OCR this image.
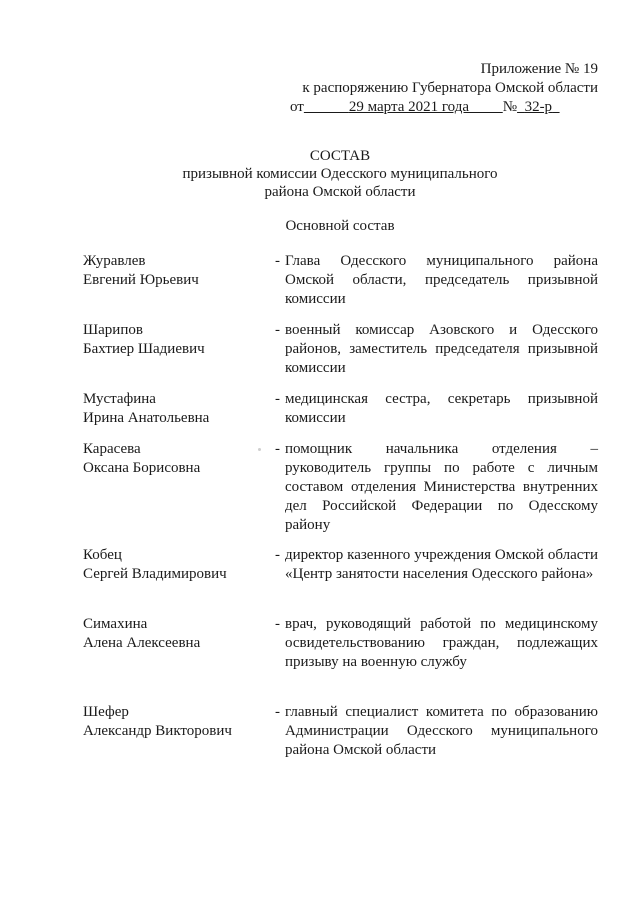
Приложение № 19
к распоряжению Губернатора Омской области
от	29 марта 2021 года № 32-р
СОСТАВ
призывной комиссии Одесского муниципального
района Омской области
Основной состав
Журавлев
Евгений Юрьевич
- Глава Одесского муниципального района Омской области, председатель призывной комиссии
Шарипов
Бахтиер Шадиевич
- военный комиссар Азовского и Одесского районов, заместитель председателя призывной комиссии
Мустафина
Ирина Анатольевна
- медицинская сестра, секретарь призывной комиссии
Карасева
Оксана Борисовна
- помощник начальника отделения – руководитель группы по работе с личным составом отделения Министерства внутренних дел Российской Федерации по Одесскому району
Кобец
Сергей Владимирович
- директор казенного учреждения Омской области «Центр занятости населения Одесского района»
Симахина
Алена Алексеевна
- врач, руководящий работой по медицинскому освидетельствованию граждан, подлежащих призыву на военную службу
Шефер
Александр Викторович
- главный специалист комитета по образованию Администрации Одесского муниципального района Омской области
